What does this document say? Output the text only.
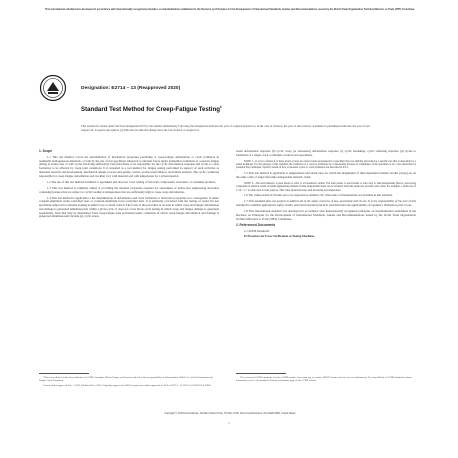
This international standard was developed in accordance with internationally recognized principles on standardization established in the Decision on Principles for the Development of International Standards, Guides and Recommendations issued by the World Trade Organization Technical Barriers to Trade (TBT) Committee.
Designation: E2714 – 13 (Reapproved 2020)
Standard Test Method for Creep-Fatigue Testing$^1$
This standard is issued under the fixed designation E2714; the number immediately following the designation indicates the year of original adoption or, in the case of revision, the year of last revision. A number in parentheses indicates the year of last reapproval. A superscript epsilon (ε) indicates an editorial change since the last revision or reapproval.
1. Scope

1.1 This test method covers the determination of mechanical properties pertaining to creep-fatigue deformation or crack formation in nominally homogeneous materials, or both by the use of test specimens subjected to uniaxial forces under isothermal conditions. It concerns fatigue testing at strain rates or with cycles involving sufficiently long hold times to be responsible for the cyclic deformation response and cycles to crack formation to be affected by creep (and oxidation). It is intended as a test method for fatigue testing performed in support of such activities as materials research and development, mechanical design, process and quality control, product performance, and failure analysis. The cyclic conditions responsible for creep-fatigue deformation and cracking vary with material and with temperature for a given material.

1.2 The use of this test method is limited to specimens and does not cover testing of full-scale components, structures, or consumer products.

1.3 This test method is primarily aimed at providing the material properties required for assessment of defect-free engineering structures containing features that are subject to cyclic loading at temperatures that are sufficiently high to cause creep deformation.

1.4 This test method is applicable to the determination of deformation and crack formation or nucleation properties as a consequence of either constant-amplitude strain-controlled tests or constant-amplitude force-controlled tests. It is primarily concerned with the testing of round bar test specimens subjected to uniaxial loading in either force or strain control. The focus of the procedure is on tests in which creep and fatigue deformation and damage is generated simultaneously within a given cycle. It does not cover block cycle testing in which creep and fatigue damage is generated sequentially. Data that may be determined from creep-fatigue tests performed under conditions in which creep-fatigue deformation and damage is generated simultaneously include (a) cyclic stress-

strain deformation response (b) cyclic creep (or relaxation) deformation response (c) cyclic hardening, cyclic softening response (d) cycles to formation of a single crack or multiple cracks in test specimens.

NOTE 1—It is not a failure if at these levels at least two macrocracks propagated in a specimen that was initially uncracked at a specific rate that is detectable by a stated technique. For the purpose of this standard, the formation of a crack is evidenced by a measurable increase in compliance of the specimen or by a size detectable by potential drop technique. Specific details of how to measure cycles to crack formation are described in 9.5.1.

1.5 This test method is applicable to temperatures and strain rates for which the magnitudes of time-dependent inelastic strains (creep) are on the same order or larger than time-independent inelastic strain.

NOTE 2—The term inelastic is used herein to refer to all nonelastic strains. The term plastic is used herein to refer only to time-independent (that is, non-creep) component of inelastic strain. A useful engineering estimate of time-independent strain can be obtained when the strain rate exceeds some value. For example, a strain rate of 1×10⁻³ s⁻¹ is often used for this purpose. This value should increase with increasing test temperature.

1.6 The values stated in SI units are to be regarded as standard. No other units of measurement are included in this standard.

1.7 This standard does not purport to address all of the safety concerns, if any, associated with its use. It is the responsibility of the user of this standard to establish appropriate safety, health, and environmental practices and determine the applicability of regulatory limitations prior to use.

1.8 This international standard was developed in accordance with internationally recognized principles on standardization established in the Decision on Principles for the Development of International Standards, Guides and Recommendations issued by the World Trade Organization Technical Barriers to Trade (TBT) Committee.

2. Referenced Documents

2.1 ASTM Standards:

E3 Practices for Force Verification of Testing Machines

¹ This test method is under the jurisdiction of ASTM Committee E08 on Fatigue and Fracture and is the direct responsibility of Subcommittee E08.05 on Cyclic Deformation and Fatigue Crack Formation.

Current edition approved Nov. 1, 2020. Published Dec. 2020. Originally approved in 2009. Last previous edition approved in 2013 as E2714 – 13. DOI: 10.1520/E2714-13R20.

² For referenced ASTM standards, visit the ASTM website, www.astm.org, or contact ASTM Customer Service at service@astm.org. For Annual Book of ASTM Standards volume information, refer to the standard's Document Summary page on the ASTM website.

Copyright © ASTM International, 100 Barr Harbor Drive, PO Box C700, West Conshohocken, PA 19428-2959. United States
1
